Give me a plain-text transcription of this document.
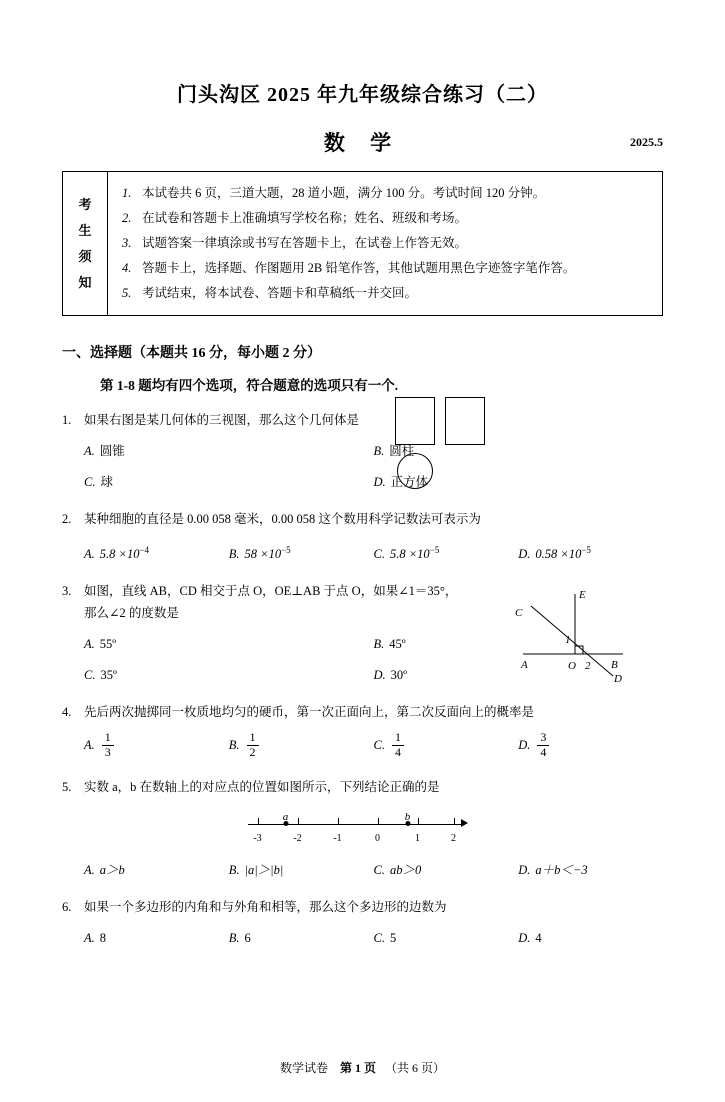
门头沟区 2025 年九年级综合练习（二）
数 学	2025.5
考
生
须
知
1. 本试卷共 6 页，三道大题，28 道小题，满分 100 分。考试时间 120 分钟。
2. 在试卷和答题卡上准确填写学校名称；姓名、班级和考场。
3. 试题答案一律填涂或书写在答题卡上，在试卷上作答无效。
4. 答题卡上，选择题、作图题用 2B 铅笔作答，其他试题用黑色字迹签字笔作答。
5. 考试结束，将本试卷、答题卡和草稿纸一并交回。
一、选择题（本题共 16 分，每小题 2 分）
第 1-8 题均有四个选项，符合题意的选项只有一个.
1.	如果右图是某几何体的三视图，那么这个几何体是
A. 圆锥	B. 圆柱
C. 球	D. 正方体
2.	某种细胞的直径是 0.00 058 毫米，0.00 058 这个数用科学记数法可表示为
A. $5.8 \times 10^{-4}$	B. $58 \times 10^{-5}$	C. $5.8 \times 10^{-5}$	D. $0.58 \times 10^{-5}$
3.	如图，直线 AB，CD 相交于点 O，OE⊥AB 于点 O，如果∠1＝35°，
那么∠2 的度数是	C
E
A	O	B
D
1
2
A. 55º	B. 45º
C. 35º	D. 30º
4.	先后两次抛掷同一枚质地均匀的硬币，第一次正面向上，第二次反面向上的概率是
A. $\frac{1}{3}$	B. $\frac{1}{2}$	C. $\frac{1}{4}$	D. $\frac{3}{4}$
5.	实数 a，b 在数轴上的对应点的位置如图所示，下列结论正确的是
-3	-2	-1	0	1	2
a	b
A. a＞b	B. |a|＞|b|	C. ab＞0	D. a＋b＜−3
6.	如果一个多边形的内角和与外角和相等，那么这个多边形的边数为
A. 8	B. 6	C. 5	D. 4
数学试卷 第 1 页 （共 6 页）
